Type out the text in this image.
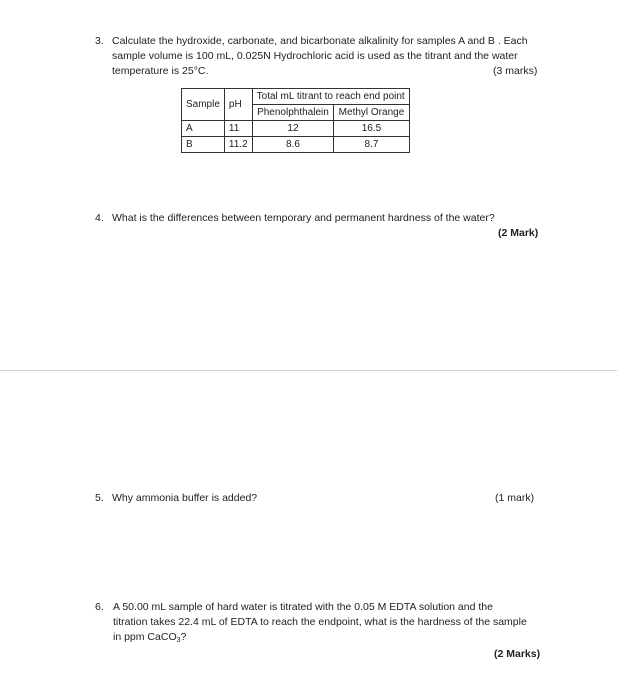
3. Calculate the hydroxide, carbonate, and bicarbonate alkalinity for samples A and B . Each
sample volume is 100 mL, 0.025N Hydrochloric acid is used as the titrant and the water
temperature is 25°C.	(3 marks)
Sample	pH	Total mL titrant to reach end point	
		Phenolphthalein	Methyl Orange
A	11	12	16.5
B	11.2	8.6	8.7
4. What is the differences between temporary and permanent hardness of the water?
(2 Mark)
5. Why ammonia buffer is added?	(1 mark)
6. A 50.00 mL sample of hard water is titrated with the 0.05 M EDTA solution and the
titration takes 22.4 mL of EDTA to reach the endpoint, what is the hardness of the sample
in ppm CaCO$_3$?
(2 Marks)
